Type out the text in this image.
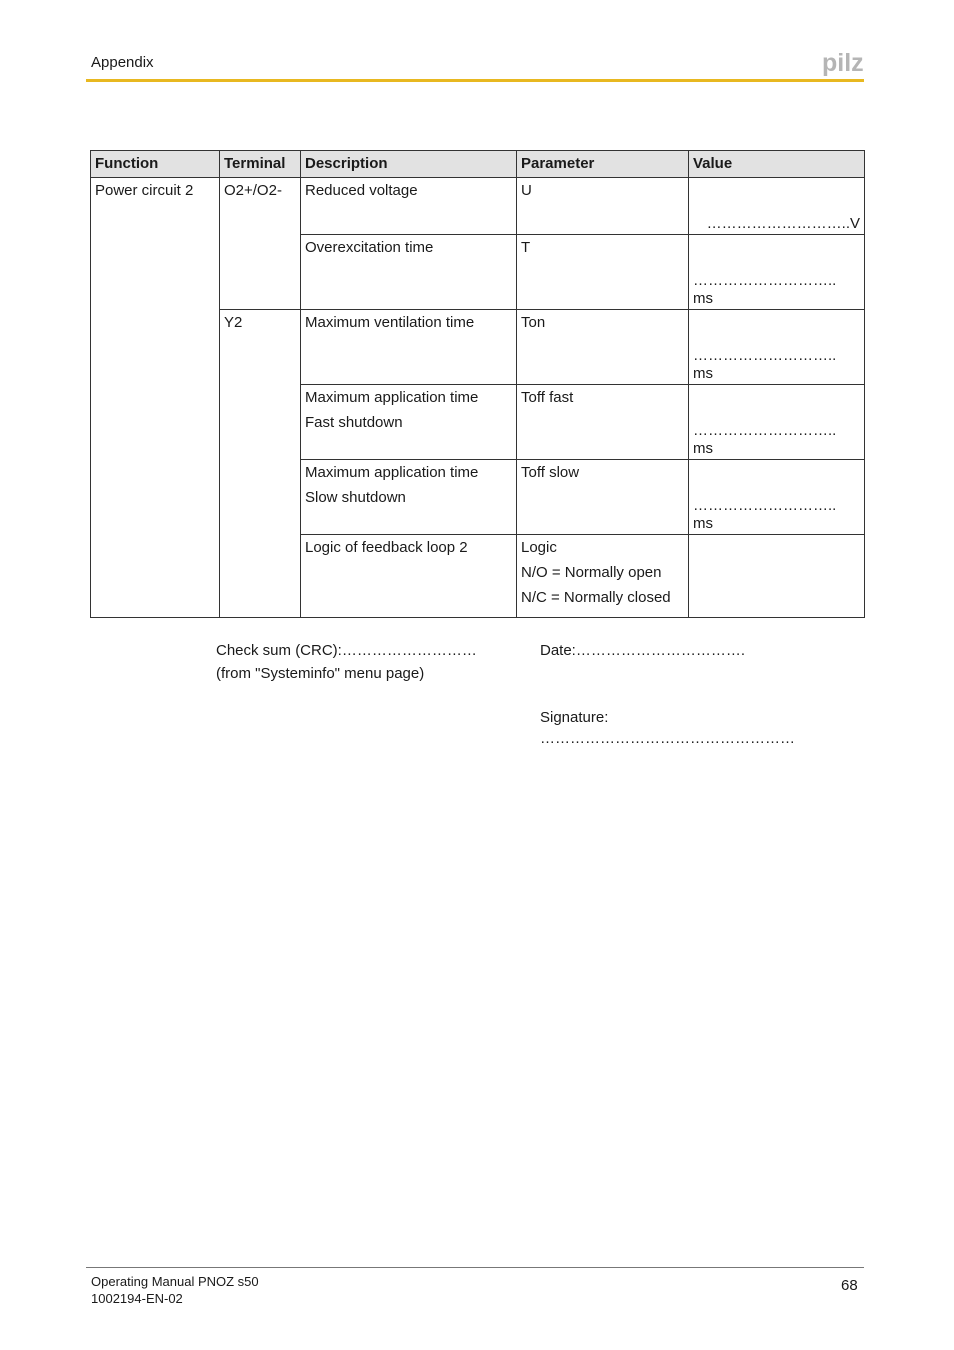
Appendix	pilz
Function	Terminal	Description	Parameter	Value

Power circuit 2	O2+/O2-	Reduced voltage	U	………………………..V

		Overexcitation time	T	………………………..
ms

	Y2	Maximum ventilation time	Ton	………………………..
ms

		Maximum application time
Fast shutdown	Toff fast	………………………..
ms

		Maximum application time
Slow shutdown	Toff slow	………………………..
ms

		Logic of feedback loop 2	Logic
N/O = Normally open
N/C = Normally closed	

Check sum (CRC):………………………
(from "Systeminfo" menu page)
Date:…………………………….
Signature:
……………………………………………
Operating Manual PNOZ s50
1002194-EN-02
68
